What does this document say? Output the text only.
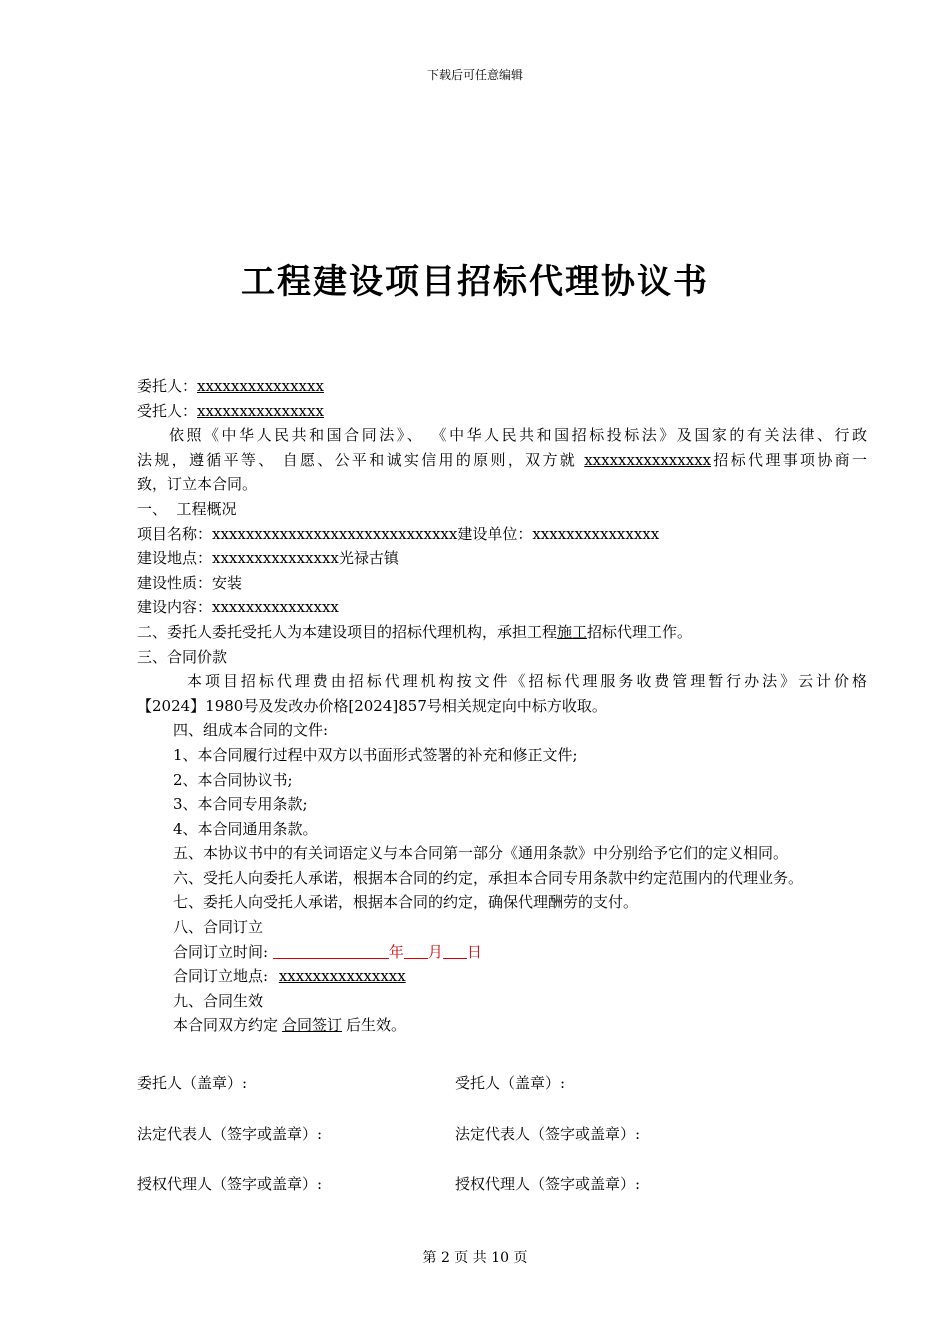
下载后可任意编辑
工程建设项目招标代理协议书
委托人：xxxxxxxxxxxxxxx
受托人：xxxxxxxxxxxxxxx
依照《中华人民共和国合同法》、 《中华人民共和国招标投标法》及国家的有关法律、行政
法规，遵循平等、 自愿、公平和诚实信用的原则，双方就 xxxxxxxxxxxxxxx招标代理事项协商一
致，订立本合同。
一、  工程概况
项目名称：xxxxxxxxxxxxxxxxxxxxxxxxxxxxx建设单位：xxxxxxxxxxxxxxx
建设地点：xxxxxxxxxxxxxxx光禄古镇
建设性质：安装
建设内容：xxxxxxxxxxxxxxx
二、委托人委托受托人为本建设项目的招标代理机构，承担工程施工招标代理工作。
三、合同价款
本项目招标代理费由招标代理机构按文件《招标代理服务收费管理暂行办法》云计价格
【2024】1980号及发改办价格[2024]857号相关规定向中标方收取。
四、组成本合同的文件:
1、本合同履行过程中双方以书面形式签署的补充和修正文件;
2、本合同协议书;
3、本合同专用条款;
4、本合同通用条款。
五、本协议书中的有关词语定义与本合同第一部分《通用条款》中分别给予它们的定义相同。
六、受托人向委托人承诺，根据本合同的约定，承担本合同专用条款中约定范围内的代理业务。
七、委托人向受托人承诺，根据本合同的约定，确保代理酬劳的支付。
八、合同订立
合同订立时间:	年 月 日
合同订立地点: xxxxxxxxxxxxxxx
九、合同生效
本合同双方约定 合同签订 后生效。
委托人（盖章）:	受托人（盖章）:
法定代表人（签字或盖章）:	法定代表人（签字或盖章）:
授权代理人（签字或盖章）:	授权代理人（签字或盖章）:
第 2 页 共 10 页
